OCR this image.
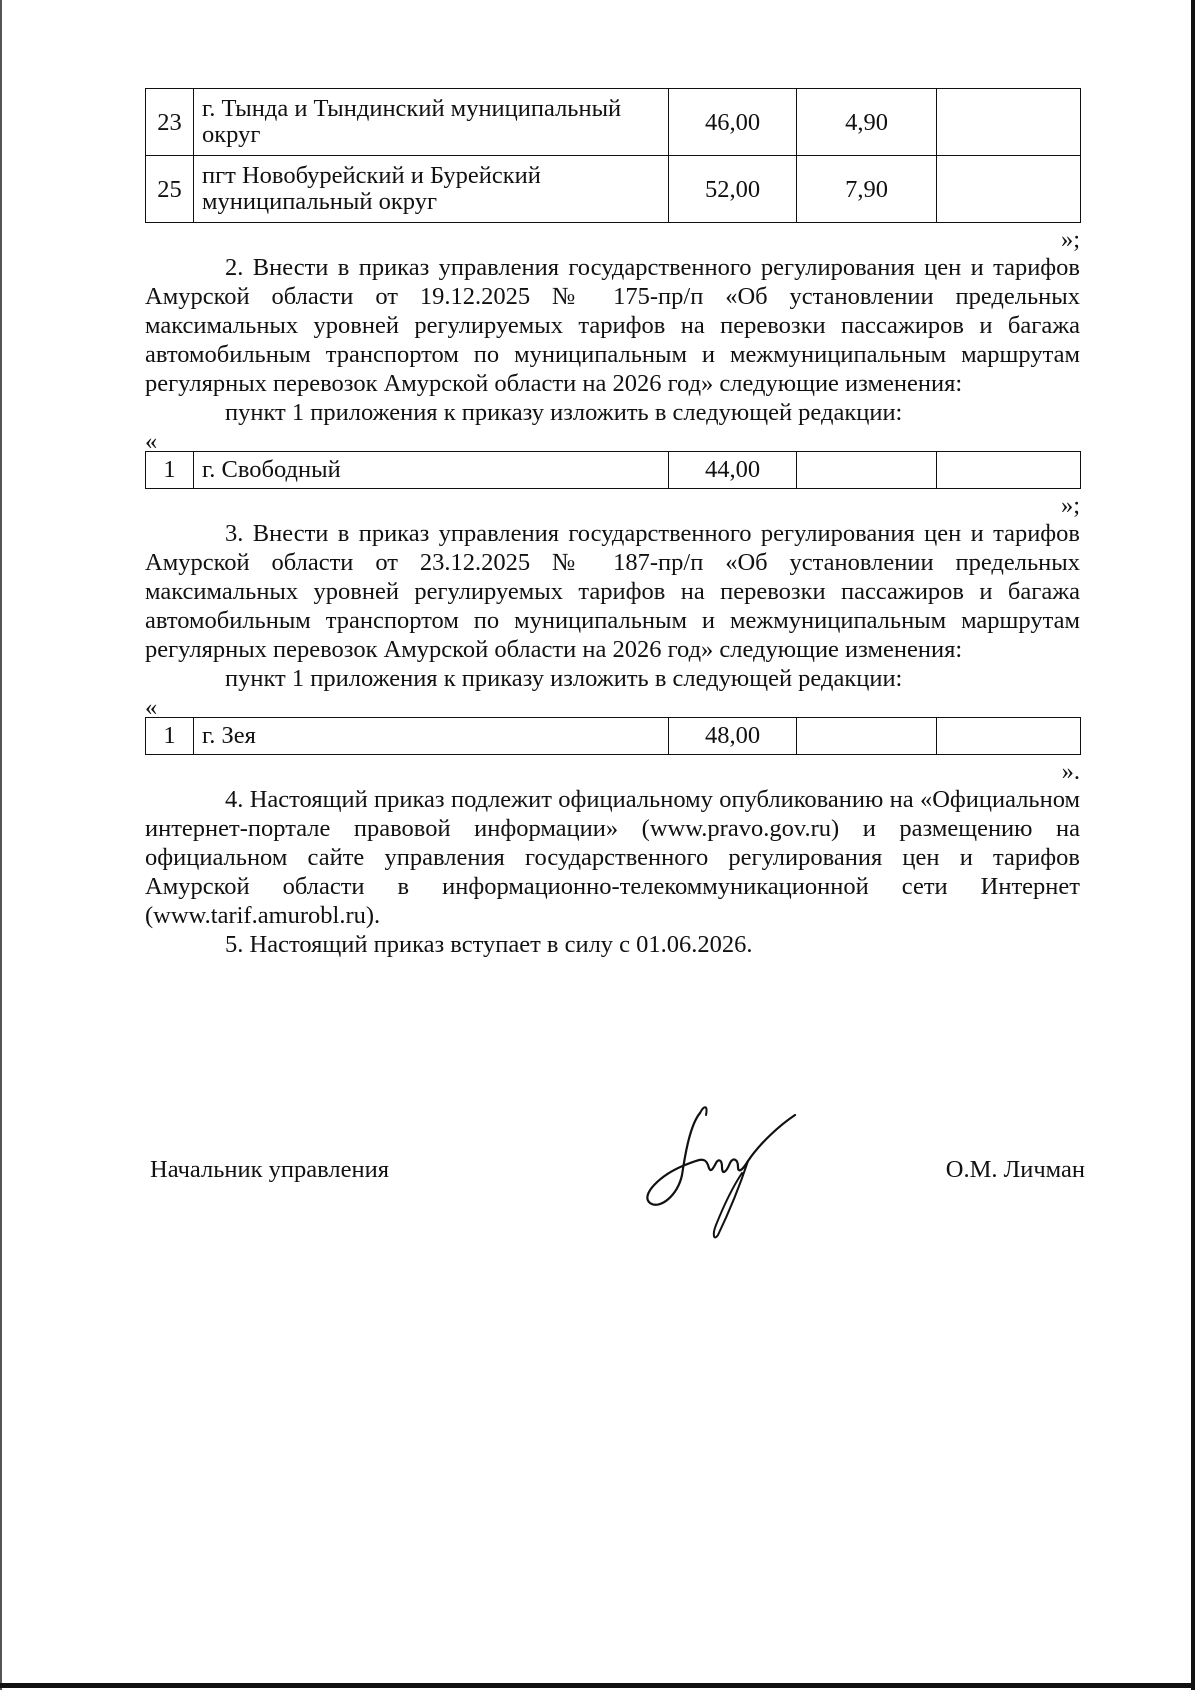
23	г. Тында и Тындинский муниципальный округ	46,00	4,90	
25	пгт Новобурейский и Бурейский муниципальный округ	52,00	7,90	
»;

2. Внести в приказ управления государственного регулирования цен и тарифов Амурской области от 19.12.2025 № 175-пр/п «Об установлении предельных максимальных уровней регулируемых тарифов на перевозки пассажиров и багажа автомобильным транспортом по муниципальным и межмуниципальным маршрутам регулярных перевозок Амурской области на 2026 год» следующие изменения:

пункт 1 приложения к приказу изложить в следующей редакции:

«
1	г. Свободный	44,00		
»;

3. Внести в приказ управления государственного регулирования цен и тарифов Амурской области от 23.12.2025 № 187-пр/п «Об установлении предельных максимальных уровней регулируемых тарифов на перевозки пассажиров и багажа автомобильным транспортом по муниципальным и межмуниципальным маршрутам регулярных перевозок Амурской области на 2026 год» следующие изменения:

пункт 1 приложения к приказу изложить в следующей редакции:

«
1	г. Зея	48,00		
».

4. Настоящий приказ подлежит официальному опубликованию на «Официальном интернет-портале правовой информации» (www.pravo.gov.ru) и размещению на официальном сайте управления государственного регулирования цен и тарифов Амурской области в информационно-телекоммуникационной сети Интернет (www.tarif.amurobl.ru).

5. Настоящий приказ вступает в силу с 01.06.2026.

Начальник управления	О.М. Личман
